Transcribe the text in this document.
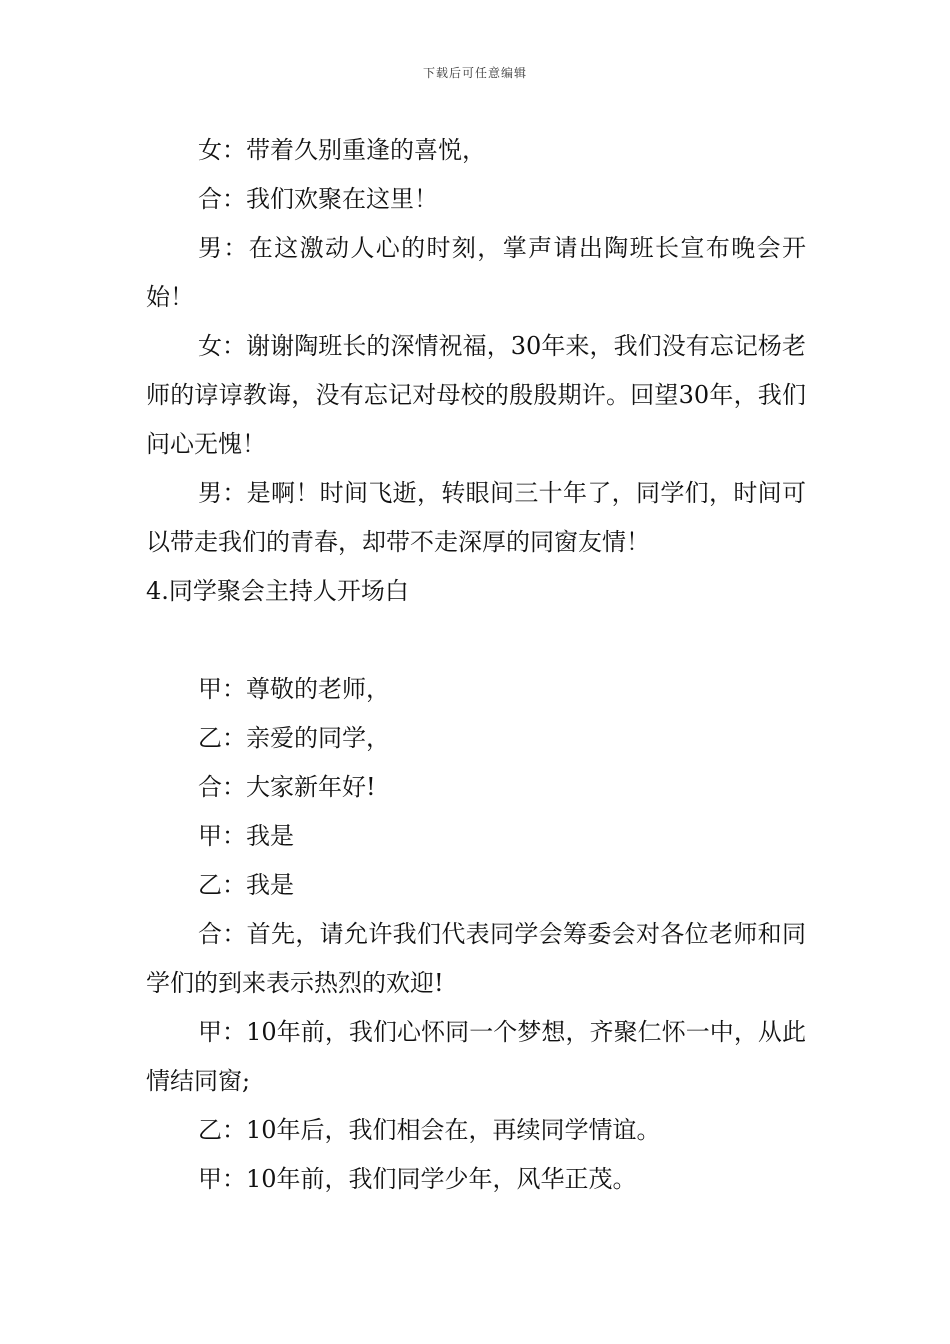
下载后可任意编辑

女：带着久别重逢的喜悦，

合：我们欢聚在这里！

男：在这激动人心的时刻，掌声请出陶班长宣布晚会开始！

女：谢谢陶班长的深情祝福，30年来，我们没有忘记杨老师的谆谆教诲，没有忘记对母校的殷殷期许。回望30年，我们问心无愧！

男：是啊！时间飞逝，转眼间三十年了，同学们，时间可以带走我们的青春，却带不走深厚的同窗友情！

4.同学聚会主持人开场白

甲：尊敬的老师，

乙：亲爱的同学，

合：大家新年好!

甲：我是

乙：我是

合：首先，请允许我们代表同学会筹委会对各位老师和同学们的到来表示热烈的欢迎!

甲：10年前，我们心怀同一个梦想，齐聚仁怀一中，从此情结同窗;

乙：10年后，我们相会在，再续同学情谊。

甲：10年前，我们同学少年，风华正茂。
